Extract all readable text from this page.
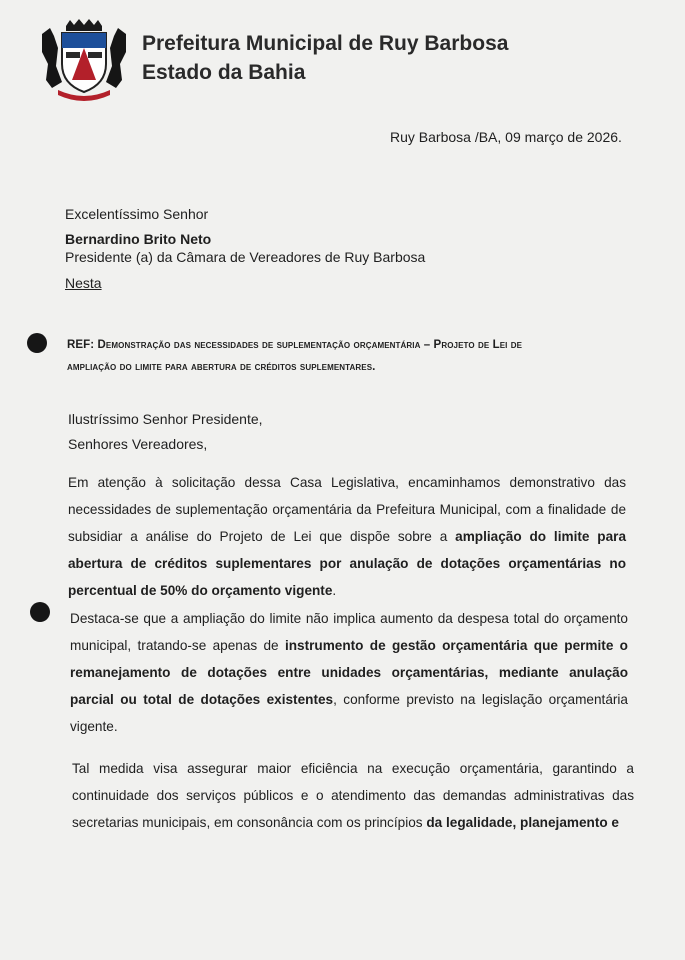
Prefeitura Municipal de Ruy Barbosa
Estado da Bahia
Ruy Barbosa /BA, 09 março de 2026.
Excelentíssimo Senhor
Bernardino Brito Neto
Presidente (a) da Câmara de Vereadores de Ruy Barbosa
Nesta
REF: Demonstração das necessidades de suplementação orçamentária – Projeto de Lei de
ampliação do limite para abertura de créditos suplementares.
Ilustríssimo Senhor Presidente,
Senhores Vereadores,

Em atenção à solicitação dessa Casa Legislativa, encaminhamos demonstrativo das necessidades de suplementação orçamentária da Prefeitura Municipal, com a finalidade de subsidiar a análise do Projeto de Lei que dispõe sobre a ampliação do limite para abertura de créditos suplementares por anulação de dotações orçamentárias no percentual de 50% do orçamento vigente.

Destaca-se que a ampliação do limite não implica aumento da despesa total do orçamento municipal, tratando-se apenas de instrumento de gestão orçamentária que permite o remanejamento de dotações entre unidades orçamentárias, mediante anulação parcial ou total de dotações existentes, conforme previsto na legislação orçamentária vigente.

Tal medida visa assegurar maior eficiência na execução orçamentária, garantindo a continuidade dos serviços públicos e o atendimento das demandas administrativas das secretarias municipais, em consonância com os princípios da legalidade, planejamento e
